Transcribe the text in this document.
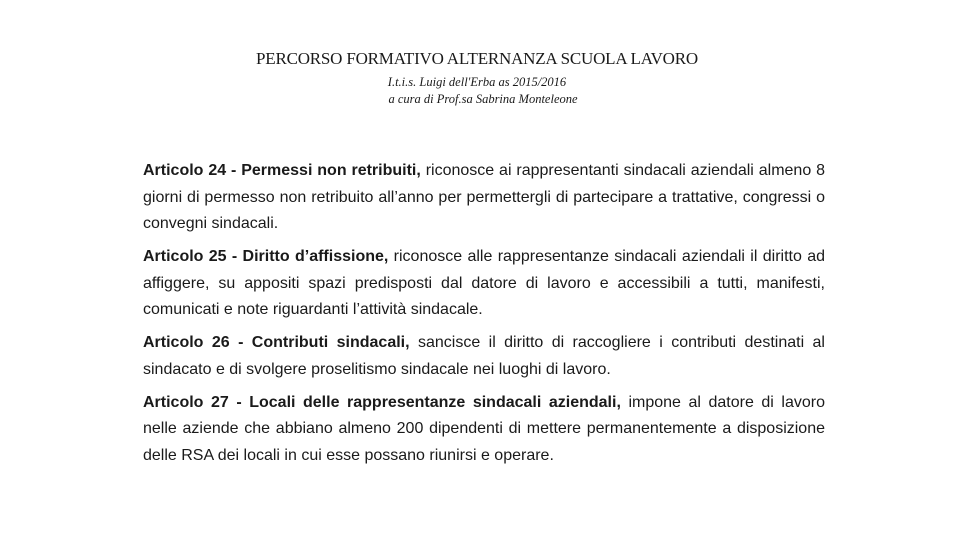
PERCORSO FORMATIVO ALTERNANZA SCUOLA LAVORO
I.t.i.s. Luigi dell'Erba as 2015/2016
a cura di Prof.sa Sabrina Monteleone

Articolo 24 - Permessi non retribuiti, riconosce ai rappresentanti sindacali aziendali almeno 8 giorni di permesso non retribuito all’anno per permettergli di partecipare a trattative, congressi o convegni sindacali.

Articolo 25 - Diritto d’affissione, riconosce alle rappresentanze sindacali aziendali il diritto ad affiggere, su appositi spazi predisposti dal datore di lavoro e accessibili a tutti, manifesti, comunicati e note riguardanti l’attività sindacale.

Articolo 26 - Contributi sindacali, sancisce il diritto di raccogliere i contributi destinati al sindacato e di svolgere proselitismo sindacale nei luoghi di lavoro.

Articolo 27 - Locali delle rappresentanze sindacali aziendali, impone al datore di lavoro nelle aziende che abbiano almeno 200 dipendenti di mettere permanentemente a disposizione delle RSA dei locali in cui esse possano riunirsi e operare.
